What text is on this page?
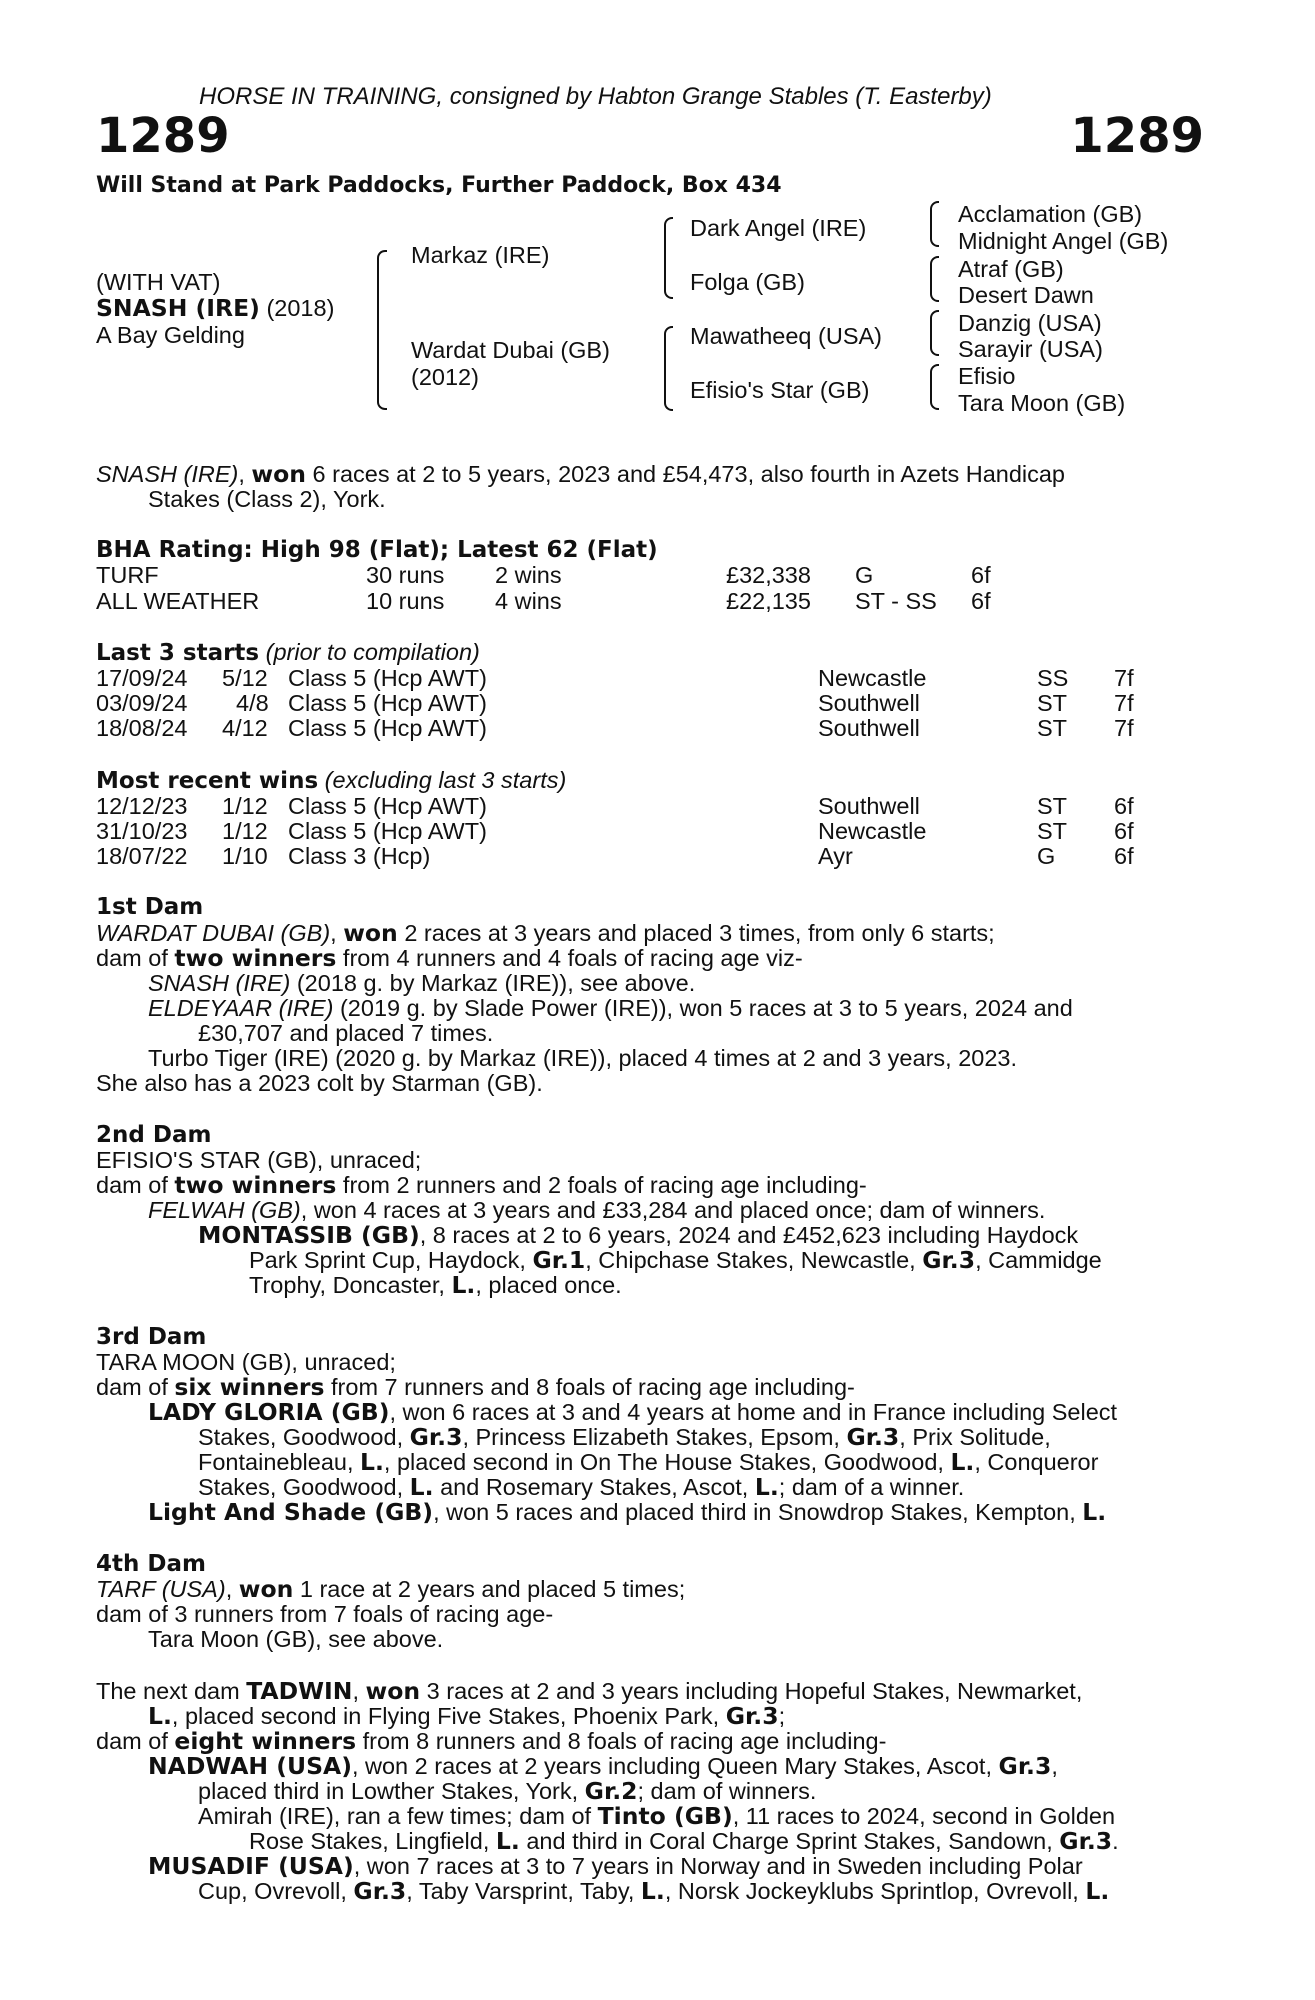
HORSE IN TRAINING, consigned by Habton Grange Stables (T. Easterby)
1289	1289
Will Stand at Park Paddocks, Further Paddock, Box 434
(WITH VAT)
SNASH (IRE) (2018)
A Bay Gelding
Markaz (IRE)
Wardat Dubai (GB)
(2012)
Dark Angel (IRE)
Folga (GB)
Mawatheeq (USA)
Efisio's Star (GB)
Acclamation (GB)
Midnight Angel (GB)
Atraf (GB)
Desert Dawn
Danzig (USA)
Sarayir (USA)
Efisio
Tara Moon (GB)
SNASH (IRE), won 6 races at 2 to 5 years, 2023 and £54,473, also fourth in Azets Handicap
Stakes (Class 2), York.
BHA Rating: High 98 (Flat); Latest 62 (Flat)
TURF	30 runs 2 wins	£32,338 G	6f
ALL WEATHER	10 runs 4 wins	£22,135 ST - SS 6f
Last 3 starts (prior to compilation)
17/09/24 5/12 Class 5 (Hcp AWT)	Newcastle	SS 7f
03/09/24 4/8 Class 5 (Hcp AWT)	Southwell	ST 7f
18/08/24 4/12 Class 5 (Hcp AWT)	Southwell	ST 7f
Most recent wins (excluding last 3 starts)
12/12/23 1/12 Class 5 (Hcp AWT)	Southwell	ST 6f
31/10/23 1/12 Class 5 (Hcp AWT)	Newcastle	ST 6f
18/07/22 1/10 Class 3 (Hcp)	Ayr	G 6f
1st Dam
WARDAT DUBAI (GB), won 2 races at 3 years and placed 3 times, from only 6 starts;
dam of two winners from 4 runners and 4 foals of racing age viz-
SNASH (IRE) (2018 g. by Markaz (IRE)), see above.
ELDEYAAR (IRE) (2019 g. by Slade Power (IRE)), won 5 races at 3 to 5 years, 2024 and
£30,707 and placed 7 times.
Turbo Tiger (IRE) (2020 g. by Markaz (IRE)), placed 4 times at 2 and 3 years, 2023.
She also has a 2023 colt by Starman (GB).
2nd Dam
EFISIO'S STAR (GB), unraced;
dam of two winners from 2 runners and 2 foals of racing age including-
FELWAH (GB), won 4 races at 3 years and £33,284 and placed once; dam of winners.
MONTASSIB (GB), 8 races at 2 to 6 years, 2024 and £452,623 including Haydock
Park Sprint Cup, Haydock, Gr.1, Chipchase Stakes, Newcastle, Gr.3, Cammidge
Trophy, Doncaster, L., placed once.
3rd Dam
TARA MOON (GB), unraced;
dam of six winners from 7 runners and 8 foals of racing age including-
LADY GLORIA (GB), won 6 races at 3 and 4 years at home and in France including Select
Stakes, Goodwood, Gr.3, Princess Elizabeth Stakes, Epsom, Gr.3, Prix Solitude,
Fontainebleau, L., placed second in On The House Stakes, Goodwood, L., Conqueror
Stakes, Goodwood, L. and Rosemary Stakes, Ascot, L.; dam of a winner.
Light And Shade (GB), won 5 races and placed third in Snowdrop Stakes, Kempton, L.
4th Dam
TARF (USA), won 1 race at 2 years and placed 5 times;
dam of 3 runners from 7 foals of racing age-
Tara Moon (GB), see above.
The next dam TADWIN, won 3 races at 2 and 3 years including Hopeful Stakes, Newmarket,
L., placed second in Flying Five Stakes, Phoenix Park, Gr.3;
dam of eight winners from 8 runners and 8 foals of racing age including-
NADWAH (USA), won 2 races at 2 years including Queen Mary Stakes, Ascot, Gr.3,
placed third in Lowther Stakes, York, Gr.2; dam of winners.
Amirah (IRE), ran a few times; dam of Tinto (GB), 11 races to 2024, second in Golden
Rose Stakes, Lingfield, L. and third in Coral Charge Sprint Stakes, Sandown, Gr.3.
MUSADIF (USA), won 7 races at 3 to 7 years in Norway and in Sweden including Polar
Cup, Ovrevoll, Gr.3, Taby Varsprint, Taby, L., Norsk Jockeyklubs Sprintlop, Ovrevoll, L.
